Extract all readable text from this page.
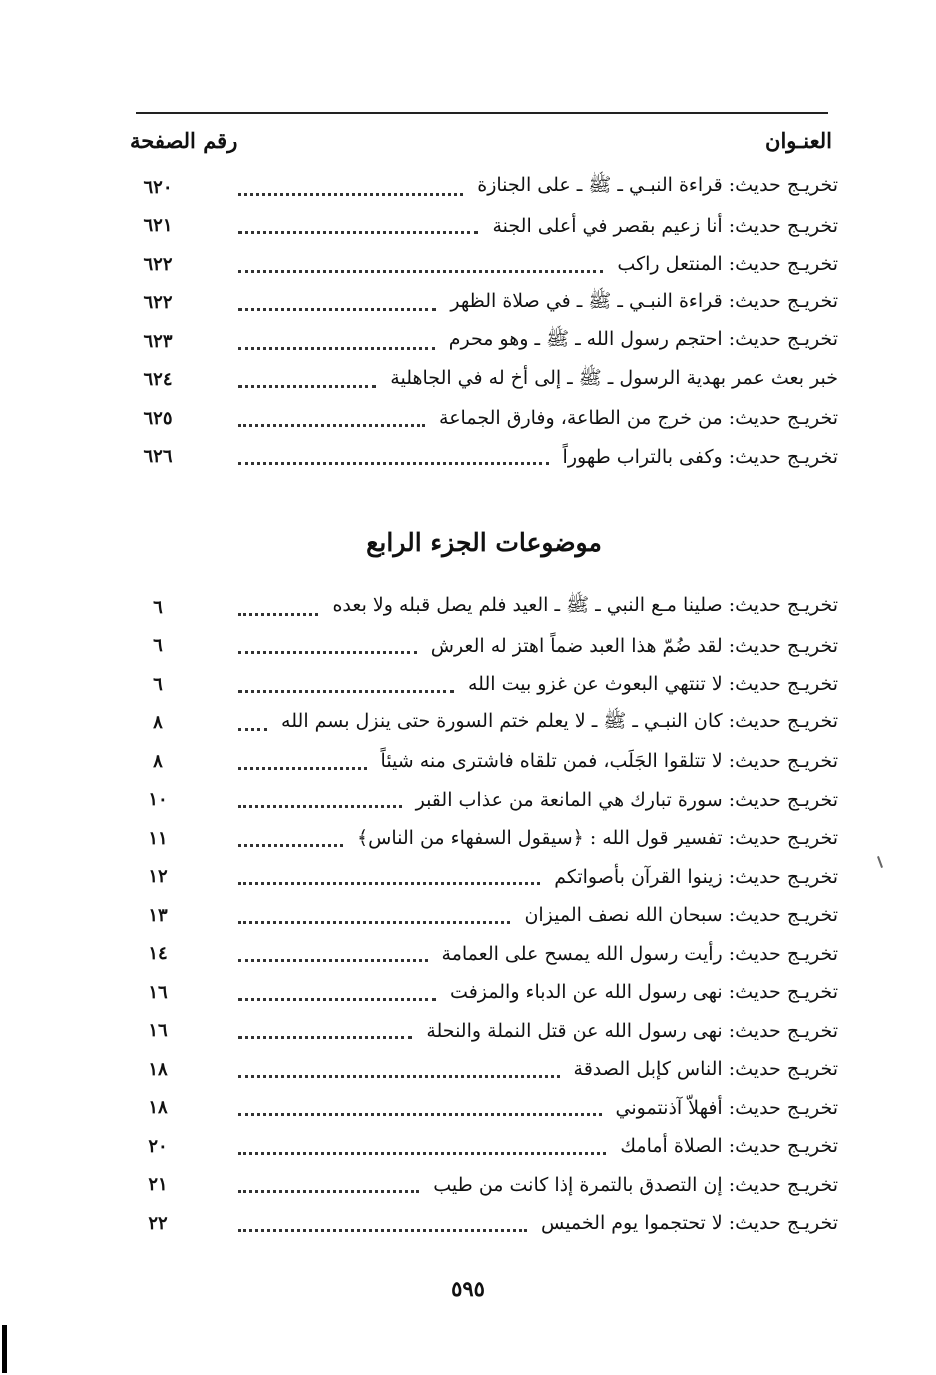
العنـوان
رقم الصفحة
تخريـج حديث: قراءة النبـي ـ ﷺ ـ على الجنازة
٦٢٠
تخريـج حديث: أنا زعيم بقصر في أعلى الجنة
٦٢١
تخريـج حديث: المنتعل راكب
٦٢٢
تخريـج حديث: قراءة النبـي ـ ﷺ ـ في صلاة الظهر
٦٢٢
تخريـج حديث: احتجم رسول الله ـ ﷺ ـ وهو محرم
٦٢٣
خبر بعث عمر بهدية الرسول ـ ﷺ ـ إلى أخ له في الجاهلية
٦٢٤
تخريـج حديث: من خرج من الطاعة، وفارق الجماعة
٦٢٥
تخريـج حديث: وكفى بالتراب طهوراً
٦٢٦
موضوعات الجزء الرابع
تخريـج حديث: صلينا مـع النبي ـ ﷺ ـ العيد فلم يصل قبله ولا بعده
٦
تخريـج حديث: لقد ضُمّ هذا العبد ضماً اهتز له العرش
٦
تخريـج حديث: لا تنتهي البعوث عن غزو بيت الله
٦
تخريـج حديث: كان النبـي ـ ﷺ ـ لا يعلم ختم السورة حتى ينزل بسم الله
٨
تخريـج حديث: لا تتلقوا الجَلَب، فمن تلقاه فاشترى منه شيئاً
٨
تخريـج حديث: سورة تبارك هي المانعة من عذاب القبر
١٠
تخريـج حديث: تفسير قول الله : ﴿سيقول السفهاء من الناس﴾
١١
تخريـج حديث: زينوا القرآن بأصواتكم
١٢
تخريـج حديث: سبحان الله نصف الميزان
١٣
تخريـج حديث: رأيت رسول الله يمسح على العمامة
١٤
تخريـج حديث: نهى رسول الله عن الدباء والمزفت
١٦
تخريـج حديث: نهى رسول الله عن قتل النملة والنحلة
١٦
تخريـج حديث: الناس كإبل الصدقة
١٨
تخريـج حديث: أفهلاّ آذنتموني
١٨
تخريـج حديث: الصلاة أمامك
٢٠
تخريـج حديث: إن التصدق بالتمرة إذا كانت من طيب
٢١
تخريـج حديث: لا تحتجموا يوم الخميس
٢٢
٥٩٥
